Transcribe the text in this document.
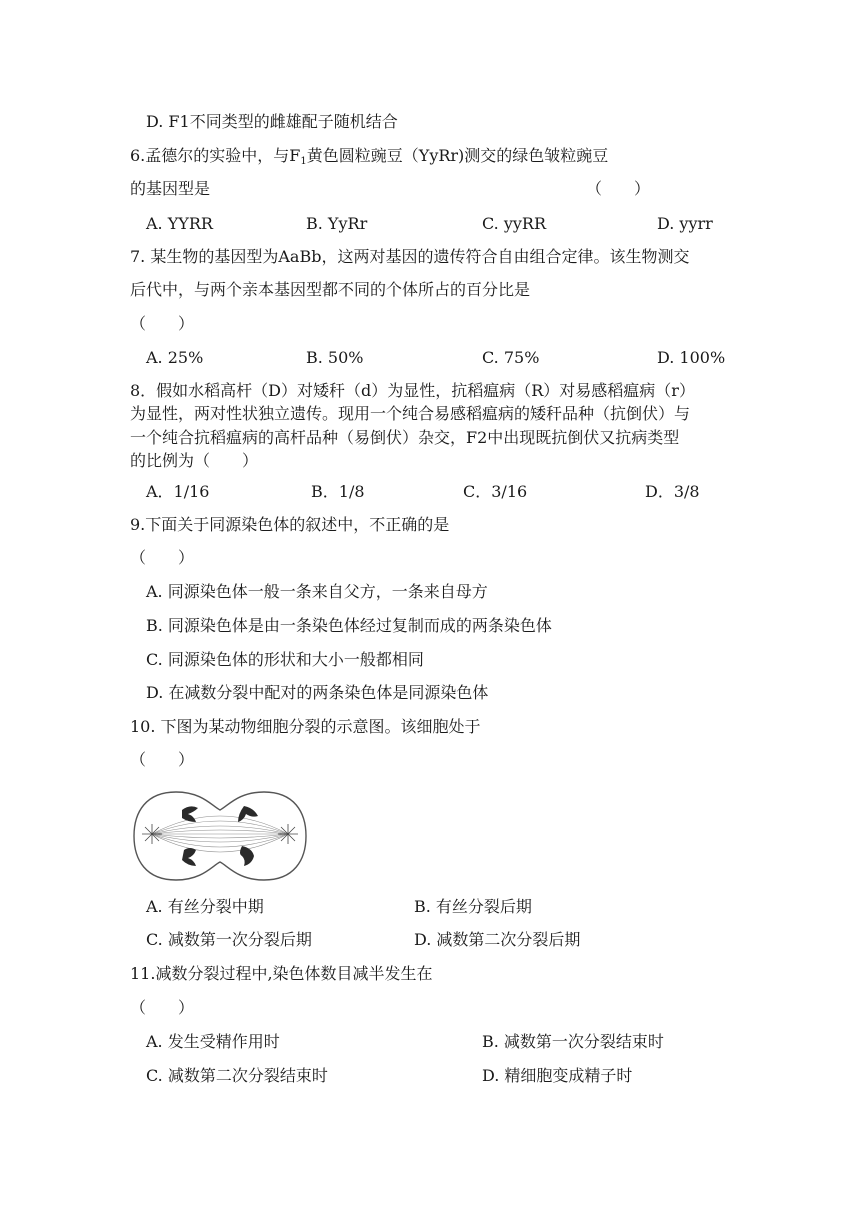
D. F1不同类型的雌雄配子随机结合
6.孟德尔的实验中，与$F_1$黄色圆粒豌豆（YyRr)测交的绿色皱粒豌豆
的基因型是	（　　）
A. YYRR	B. YyRr	C. yyRR	D. yyrr
7. 某生物的基因型为AaBb，这两对基因的遗传符合自由组合定律。该生物测交
后代中，与两个亲本基因型都不同的个体所占的百分比是
（　　）
A. 25%	B. 50%	C. 75%	D. 100%
8．假如水稻高杆（D）对矮秆（d）为显性，抗稻瘟病（R）对易感稻瘟病（r）
为显性，两对性状独立遗传。现用一个纯合易感稻瘟病的矮秆品种（抗倒伏）与
一个纯合抗稻瘟病的高杆品种（易倒伏）杂交，F2中出现既抗倒伏又抗病类型
的比例为（　　）
A．1/16	B．1/8	C．3/16	D．3/8
9.下面关于同源染色体的叙述中，不正确的是
（　　）
A. 同源染色体一般一条来自父方，一条来自母方
B. 同源染色体是由一条染色体经过复制而成的两条染色体
C. 同源染色体的形状和大小一般都相同
D. 在减数分裂中配对的两条染色体是同源染色体
10. 下图为某动物细胞分裂的示意图。该细胞处于
（　　）
A. 有丝分裂中期	B. 有丝分裂后期
C. 减数第一次分裂后期	D. 减数第二次分裂后期
11.减数分裂过程中,染色体数目减半发生在
（　　）
A. 发生受精作用时	B. 减数第一次分裂结束时
C. 减数第二次分裂结束时	D. 精细胞变成精子时
